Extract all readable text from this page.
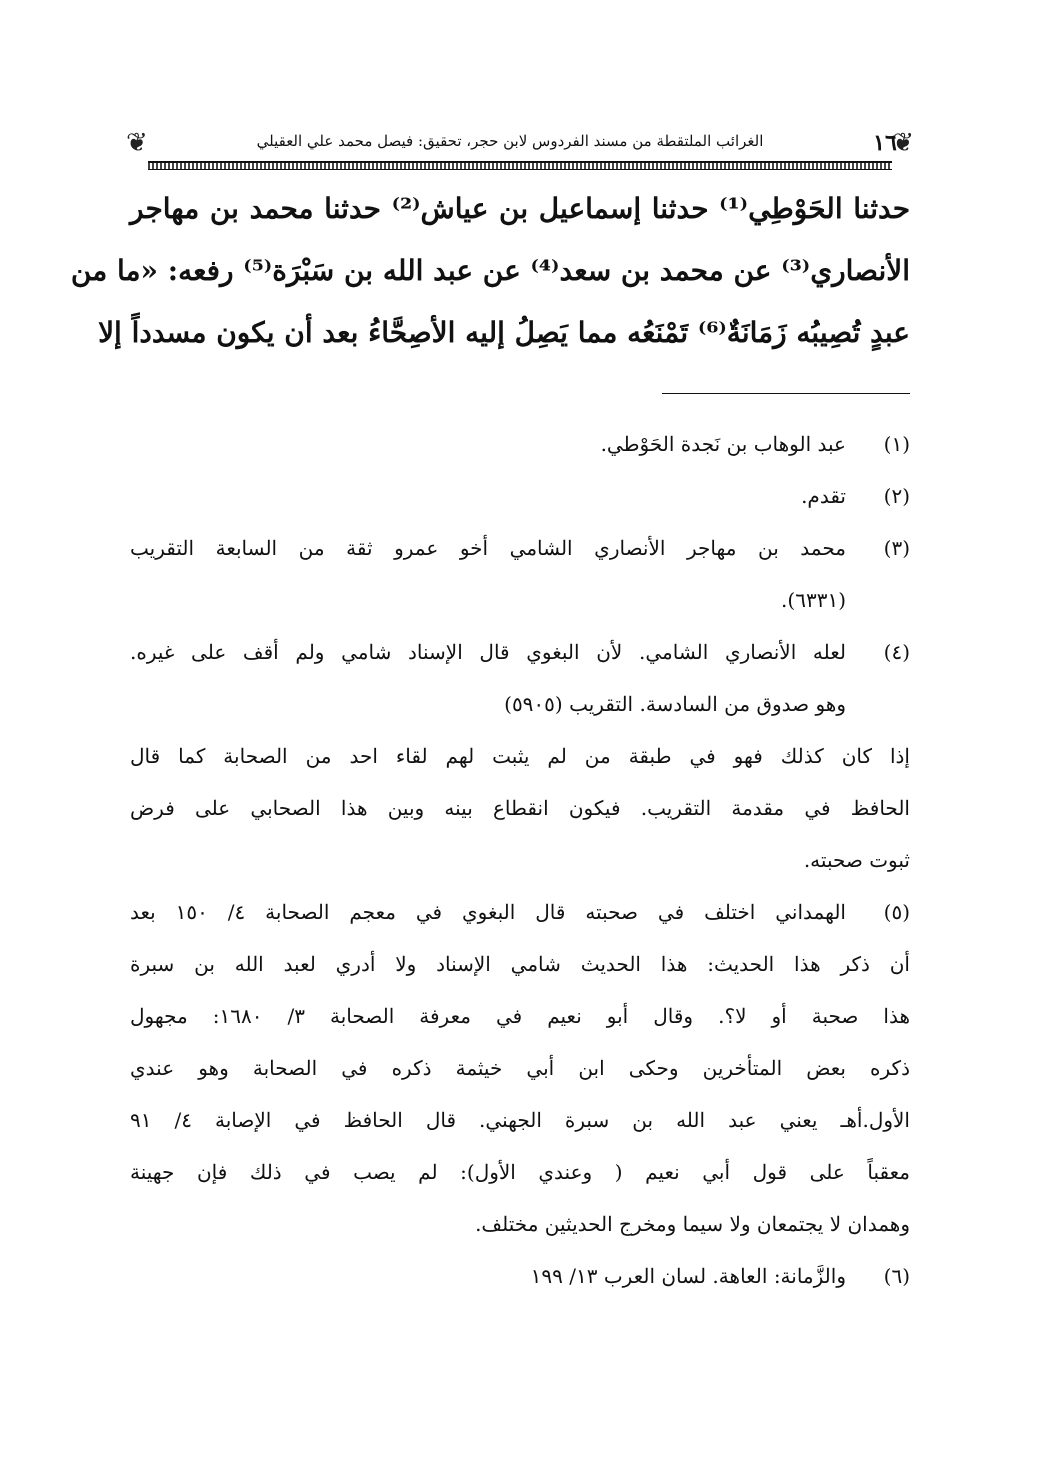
❦
١٦
الغرائب الملتقطة من مسند الفردوس لابن حجر، تحقيق: فيصل محمد علي العقيلي
❦
حدثنا الحَوْطِي⁽¹⁾ حدثنا إسماعيل بن عياش⁽²⁾ حدثنا محمد بن مهاجر
الأنصاري⁽³⁾ عن محمد بن سعد⁽⁴⁾ عن عبد الله بن سَبْرَة⁽⁵⁾ رفعه: «ما من
عبدٍ تُصِيبُه زَمَانَةٌ⁽⁶⁾ تَمْنَعُه مما يَصِلُ إليه الأصِحَّاءُ بعد أن يكون مسدداً إلا
(١)
عبد الوهاب بن نَجدة الحَوْطي.
(٢)
تقدم.
(٣)
محمد بن مهاجر الأنصاري الشامي أخو عمرو ثقة من السابعة التقريب
(٦٣٣١).
(٤)
لعله الأنصاري الشامي. لأن البغوي قال الإسناد شامي ولم أقف على غيره.
وهو صدوق من السادسة. التقريب (٥٩٠٥)
إذا كان كذلك فهو في طبقة من لم يثبت لهم لقاء احد من الصحابة كما قال
الحافظ في مقدمة التقريب. فيكون انقطاع بينه وبين هذا الصحابي على فرض
ثبوت صحبته.
(٥)
الهمداني اختلف في صحبته قال البغوي في معجم الصحابة ٤/ ١٥٠ بعد
أن ذكر هذا الحديث: هذا الحديث شامي الإسناد ولا أدري لعبد الله بن سبرة
هذا صحبة أو لا؟. وقال أبو نعيم في معرفة الصحابة ٣/ ١٦٨٠: مجهول
ذكره بعض المتأخرين وحكى ابن أبي خيثمة ذكره في الصحابة وهو عندي
الأول.أهـ يعني عبد الله بن سبرة الجهني. قال الحافظ في الإصابة ٤/ ٩١
معقباً على قول أبي نعيم ( وعندي الأول): لم يصب في ذلك فإن جهينة
وهمدان لا يجتمعان ولا سيما ومخرج الحديثين مختلف.
(٦)
والزَّمانة: العاهة. لسان العرب ١٣/ ١٩٩
